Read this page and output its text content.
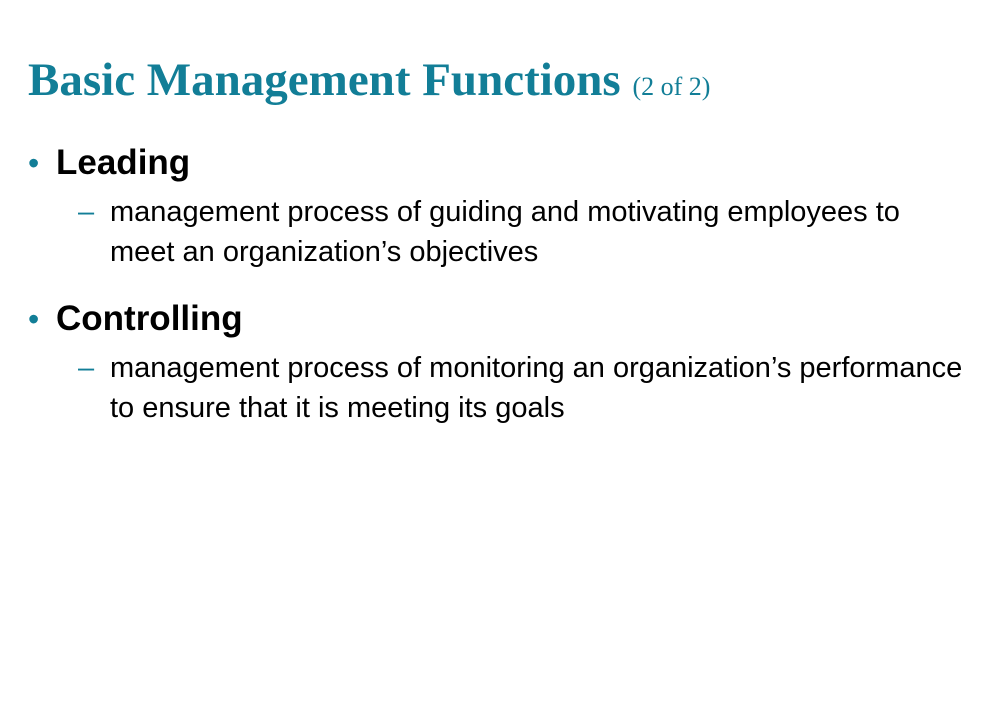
Basic Management Functions (2 of 2)
• Leading
– management process of guiding and motivating employees to meet an organization’s objectives
• Controlling
– management process of monitoring an organization’s performance to ensure that it is meeting its goals
